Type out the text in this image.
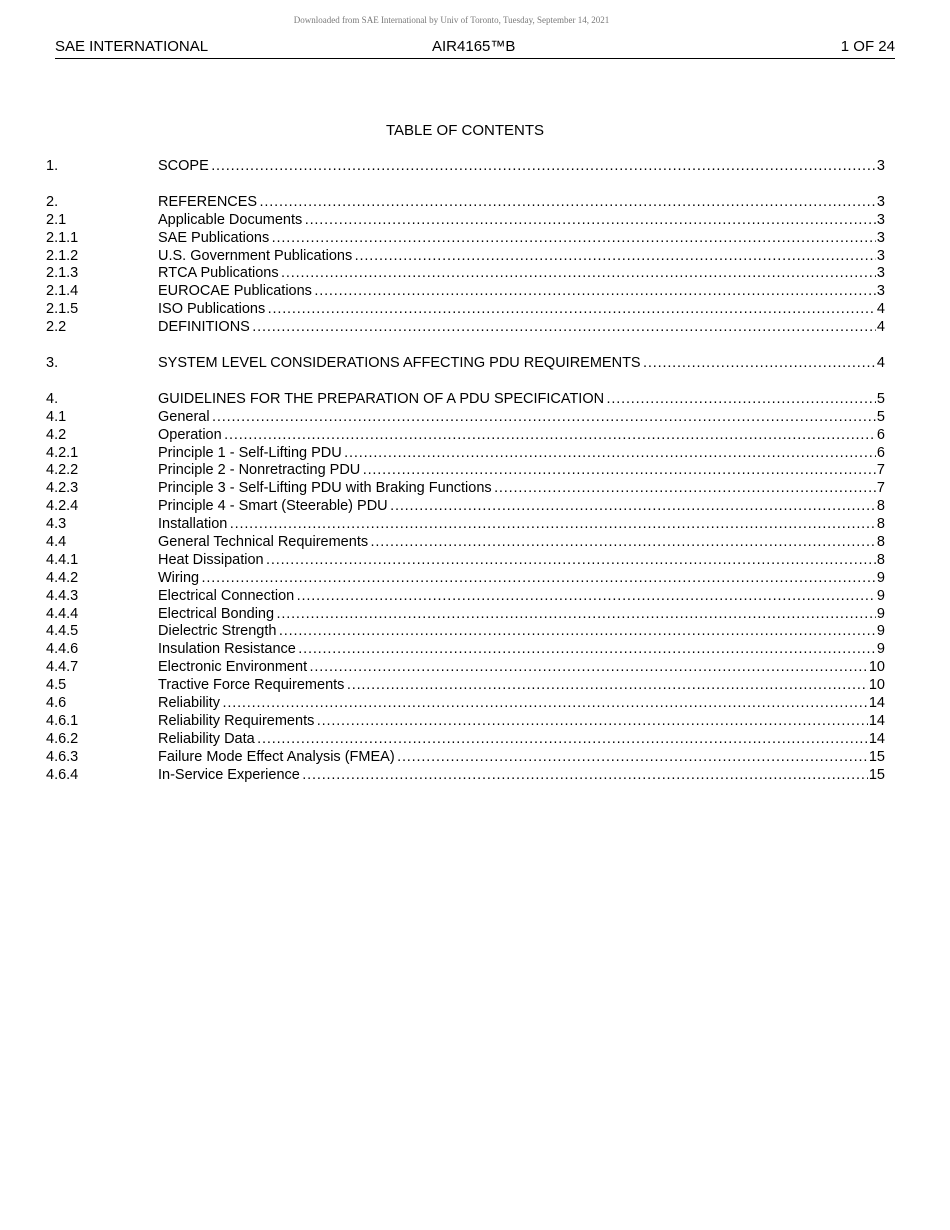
Downloaded from SAE International by Univ of Toronto, Tuesday, September 14, 2021
SAE INTERNATIONAL	AIR4165™B	1 OF 24
TABLE OF CONTENTS
1.	SCOPE . . .	3
2.	REFERENCES . . .	3
2.1	Applicable Documents . . .	3
2.1.1	SAE Publications . . .	3
2.1.2	U.S. Government Publications . . .	3
2.1.3	RTCA Publications . . .	3
2.1.4	EUROCAE Publications . . .	3
2.1.5	ISO Publications . . .	4
2.2	DEFINITIONS . . .	4
3.	SYSTEM LEVEL CONSIDERATIONS AFFECTING PDU REQUIREMENTS . . .	4
4.	GUIDELINES FOR THE PREPARATION OF A PDU SPECIFICATION . . .	5
4.1	General . . .	5
4.2	Operation . . .	6
4.2.1	Principle 1 - Self-Lifting PDU . . .	6
4.2.2	Principle 2 - Nonretracting PDU . . .	7
4.2.3	Principle 3 - Self-Lifting PDU with Braking Functions . . .	7
4.2.4	Principle 4 - Smart (Steerable) PDU . . .	8
4.3	Installation . . .	8
4.4	General Technical Requirements . . .	8
4.4.1	Heat Dissipation . . .	8
4.4.2	Wiring . . .	9
4.4.3	Electrical Connection . . .	9
4.4.4	Electrical Bonding . . .	9
4.4.5	Dielectric Strength . . .	9
4.4.6	Insulation Resistance . . .	9
4.4.7	Electronic Environment . . .	10
4.5	Tractive Force Requirements . . .	10
4.6	Reliability . . .	14
4.6.1	Reliability Requirements . . .	14
4.6.2	Reliability Data . . .	14
4.6.3	Failure Mode Effect Analysis (FMEA) . . .	15
4.6.4	In-Service Experience . . .	15
